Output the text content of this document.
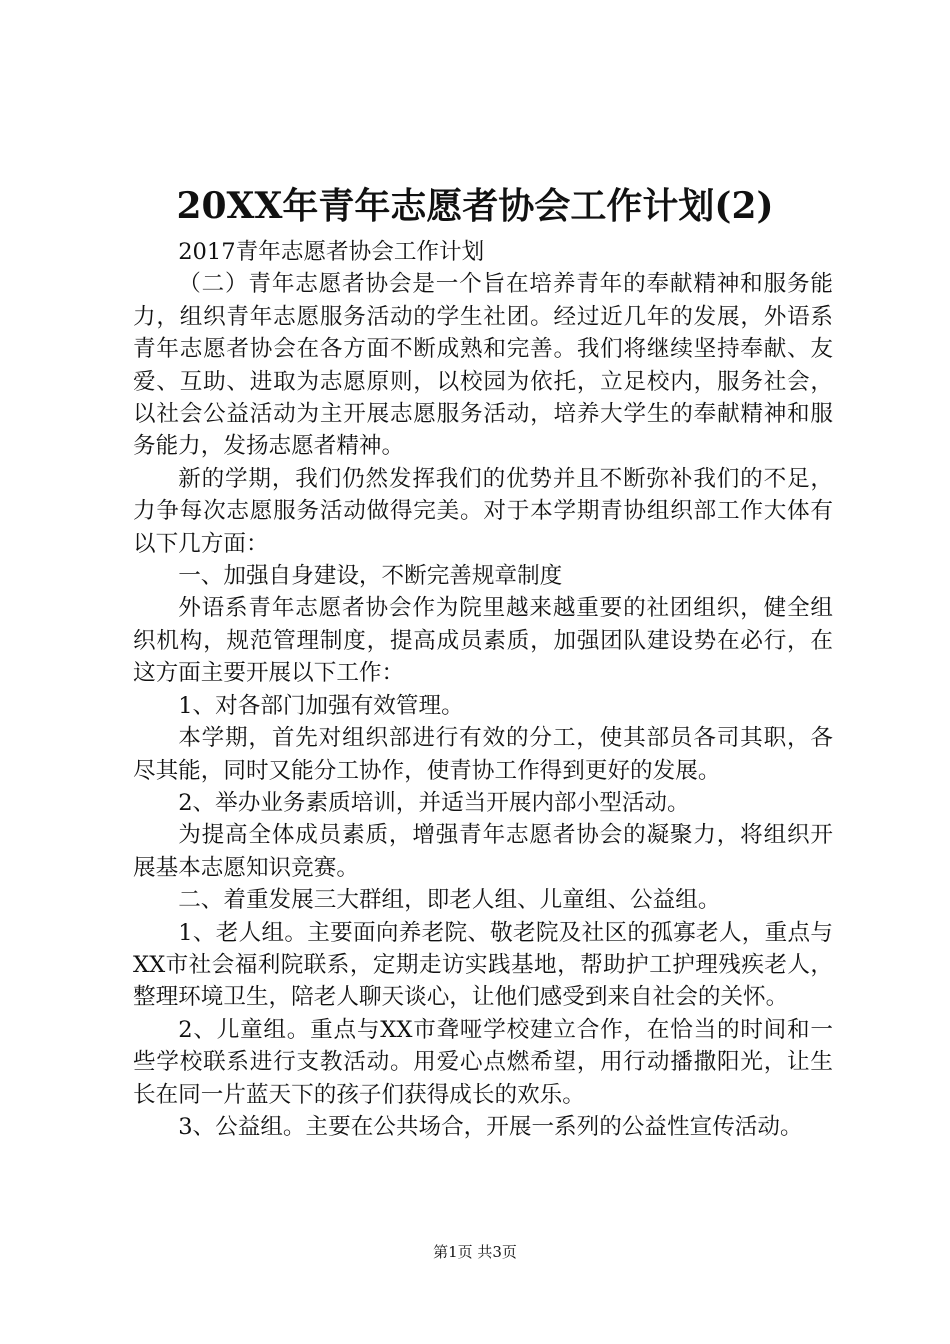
20XX年青年志愿者协会工作计划(2)

2017青年志愿者协会工作计划

（二）青年志愿者协会是一个旨在培养青年的奉献精神和服务能力，组织青年志愿服务活动的学生社团。经过近几年的发展，外语系青年志愿者协会在各方面不断成熟和完善。我们将继续坚持奉献、友爱、互助、进取为志愿原则，以校园为依托，立足校内，服务社会，以社会公益活动为主开展志愿服务活动，培养大学生的奉献精神和服务能力，发扬志愿者精神。

新的学期，我们仍然发挥我们的优势并且不断弥补我们的不足，力争每次志愿服务活动做得完美。对于本学期青协组织部工作大体有以下几方面：

一、加强自身建设，不断完善规章制度

外语系青年志愿者协会作为院里越来越重要的社团组织，健全组织机构，规范管理制度，提高成员素质，加强团队建设势在必行，在这方面主要开展以下工作：

1、对各部门加强有效管理。

本学期，首先对组织部进行有效的分工，使其部员各司其职，各尽其能，同时又能分工协作，使青协工作得到更好的发展。

2、举办业务素质培训，并适当开展内部小型活动。

为提高全体成员素质，增强青年志愿者协会的凝聚力，将组织开展基本志愿知识竞赛。

二、着重发展三大群组，即老人组、儿童组、公益组。

1、老人组。主要面向养老院、敬老院及社区的孤寡老人，重点与XX市社会福利院联系，定期走访实践基地，帮助护工护理残疾老人，整理环境卫生，陪老人聊天谈心，让他们感受到来自社会的关怀。

2、儿童组。重点与XX市聋哑学校建立合作，在恰当的时间和一些学校联系进行支教活动。用爱心点燃希望，用行动播撒阳光，让生长在同一片蓝天下的孩子们获得成长的欢乐。

3、公益组。主要在公共场合，开展一系列的公益性宣传活动。

第1页 共3页
